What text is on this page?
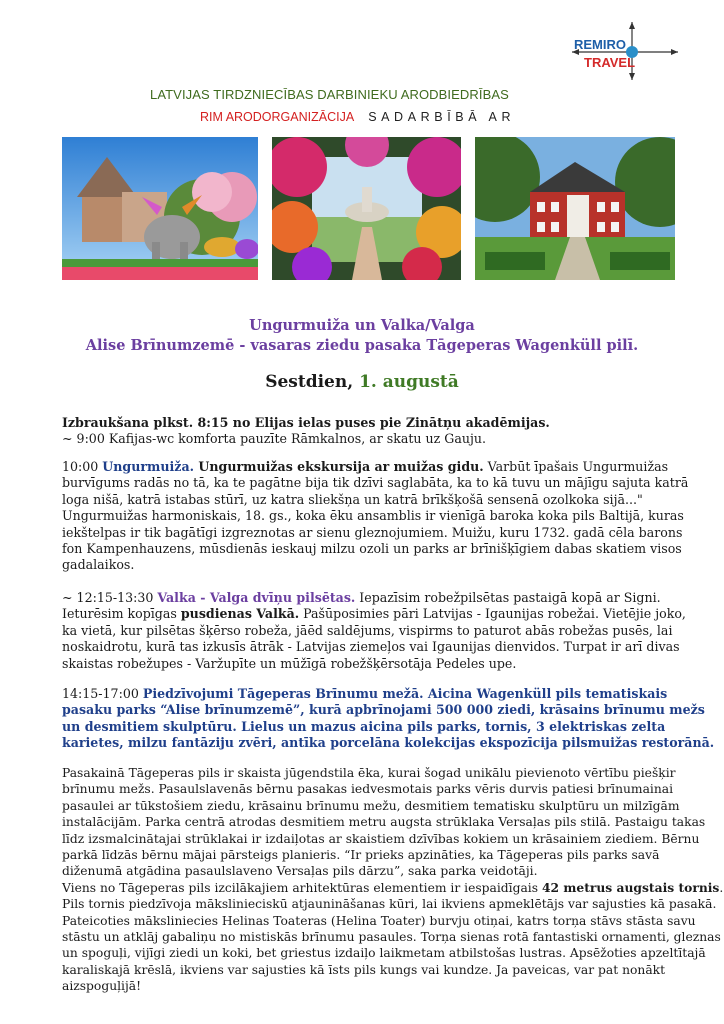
REMIRO
TRAVEL
LATVIJAS TIRDZNIECĪBAS DARBINIEKU ARODBIEDRĪBAS
RIM ARODORGANIZĀCIJA SADARBĪBĀ AR
Ungurmuiža un Valka/Valga
Alise Brīnumzemē - vasaras ziedu pasaka Tāgeperas Wagenküll pilī.
Sestdien, 1. augustā
Izbraukšana plkst. 8:15 no Elijas ielas puses pie Zinātņu akadēmijas.
~ 9:00 Kafijas-wc komforta pauzīte Rāmkalnos, ar skatu uz Gauju.
10:00 Ungurmuiža. Ungurmuižas ekskursija ar muižas gidu. Varbūt īpašais Ungurmuižas
burvīgums radās no tā, ka te pagātne bija tik dzīvi saglabāta, ka to kā tuvu un mājīgu sajuta katrā
loga nišā, katrā istabas stūrī, uz katra sliekšņa un katrā brīkšķošā sensenā ozolkoka sijā..."
Ungurmuižas harmoniskais, 18. gs., koka ēku ansamblis ir vienīgā baroka koka pils Baltijā, kuras
iekštelpas ir tik bagātīgi izgreznotas ar sienu gleznojumiem. Muižu, kuru 1732. gadā cēla barons
fon Kampenhauzens, mūsdienās ieskauj milzu ozoli un parks ar brīnišķīgiem dabas skatiem visos
gadalaikos.
~ 12:15-13:30 Valka - Valga dvīņu pilsētas. Iepazīsim robežpilsētas pastaigā kopā ar Signi.
Ieturēsim kopīgas pusdienas Valkā. Pašūposimies pāri Latvijas - Igaunijas robežai. Vietējie joko,
ka vietā, kur pilsētas šķērso robeža, jāēd saldējums, vispirms to paturot abās robežas pusēs, lai
noskaidrotu, kurā tas izkusīs ātrāk - Latvijas ziemeļos vai Igaunijas dienvidos. Turpat ir arī divas
skaistas robežupes - Varžupīte un mūžīgā robežšķērsotāja Pedeles upe.
14:15-17:00 Piedzīvojumi Tāgeperas Brīnumu mežā. Aicina Wagenküll pils tematiskais
pasaku parks “Alise brīnumzemē”, kurā apbrīnojami 500 000 ziedi, krāsains brīnumu mežs
un desmitiem skulptūru. Lielus un mazus aicina pils parks, tornis, 3 elektriskas zelta
karietes, milzu fantāziju zvēri, antīka porcelāna kolekcijas ekspozīcija pilsmuižas restorānā.
Pasakainā Tāgeperas pils ir skaista jūgendstila ēka, kurai šogad unikālu pievienoto vērtību piešķir
brīnumu mežs. Pasaulslavenās bērnu pasakas iedvesmotais parks vēris durvis patiesi brīnumainai
pasaulei ar tūkstošiem ziedu, krāsainu brīnumu mežu, desmitiem tematisku skulptūru un milzīgām
instalācijām. Parka centrā atrodas desmitiem metru augsta strūklaka Versaļas pils stilā. Pastaigu takas
līdz izsmalcinātajai strūklakai ir izdaiļotas ar skaistiem dzīvības kokiem un krāsainiem ziediem. Bērnu
parkā līdzās bērnu mājai pārsteigs planieris. “Ir prieks apzināties, ka Tāgeperas pils parks savā
diženumā atgādina pasaulslaveno Versaļas pils dārzu”, saka parka veidotāji.
Viens no Tāgeperas pils izcilākajiem arhitektūras elementiem ir iespaidīgais 42 metrus augstais tornis.
Pils tornis piedzīvoja mākslinieciskū atjaunināšanas kūri, lai ikviens apmeklētājs var sajusties kā pasakā.
Pateicoties māksliniecies Helinas Toateras (Helina Toater) burvju otiņai, katrs torņa stāvs stāsta savu
stāstu un atklāj gabaliņu no mistiskās brīnumu pasaules. Torņa sienas rotā fantastiski ornamenti, gleznas
un spoguļi, vijīgi ziedi un koki, bet griestus izdaiļo laikmetam atbilstošas lustras. Apsēžoties apzeltītajā
karaliskajā krēslā, ikviens var sajusties kā īsts pils kungs vai kundze. Ja paveicas, var pat nonākt
aizspoguļijā!
